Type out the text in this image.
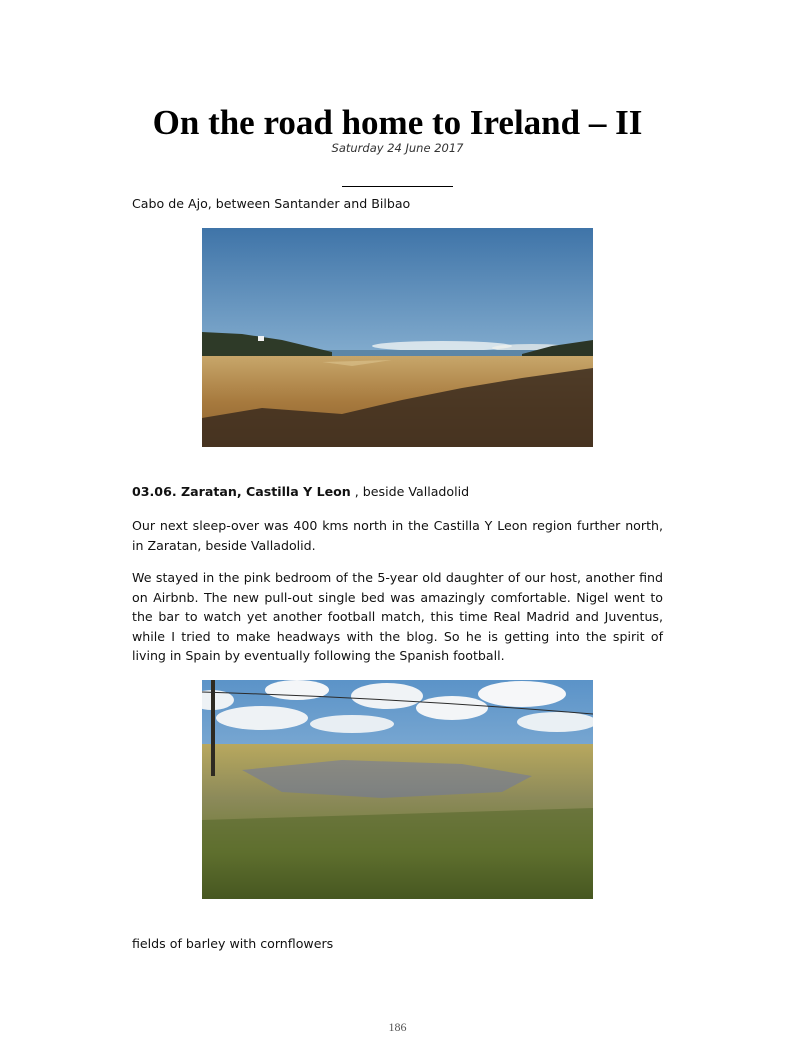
On the road home to Ireland – II
Saturday 24 June 2017
Cabo de Ajo, between Santander and Bilbao
03.06. Zaratan, Castilla Y Leon , beside Valladolid
Our next sleep-over was 400 kms north in the Castilla Y Leon region further north, in Zaratan, beside Valladolid.
We stayed in the pink bedroom of the 5-year old daughter of our host, another find on Airbnb. The new pull-out single bed was amazingly comfortable. Nigel went to the bar to watch yet another football match, this time Real Madrid and Juventus, while I tried to make headways with the blog. So he is getting into the spirit of living in Spain by eventually following the Spanish football.
fields of barley with cornflowers
186
